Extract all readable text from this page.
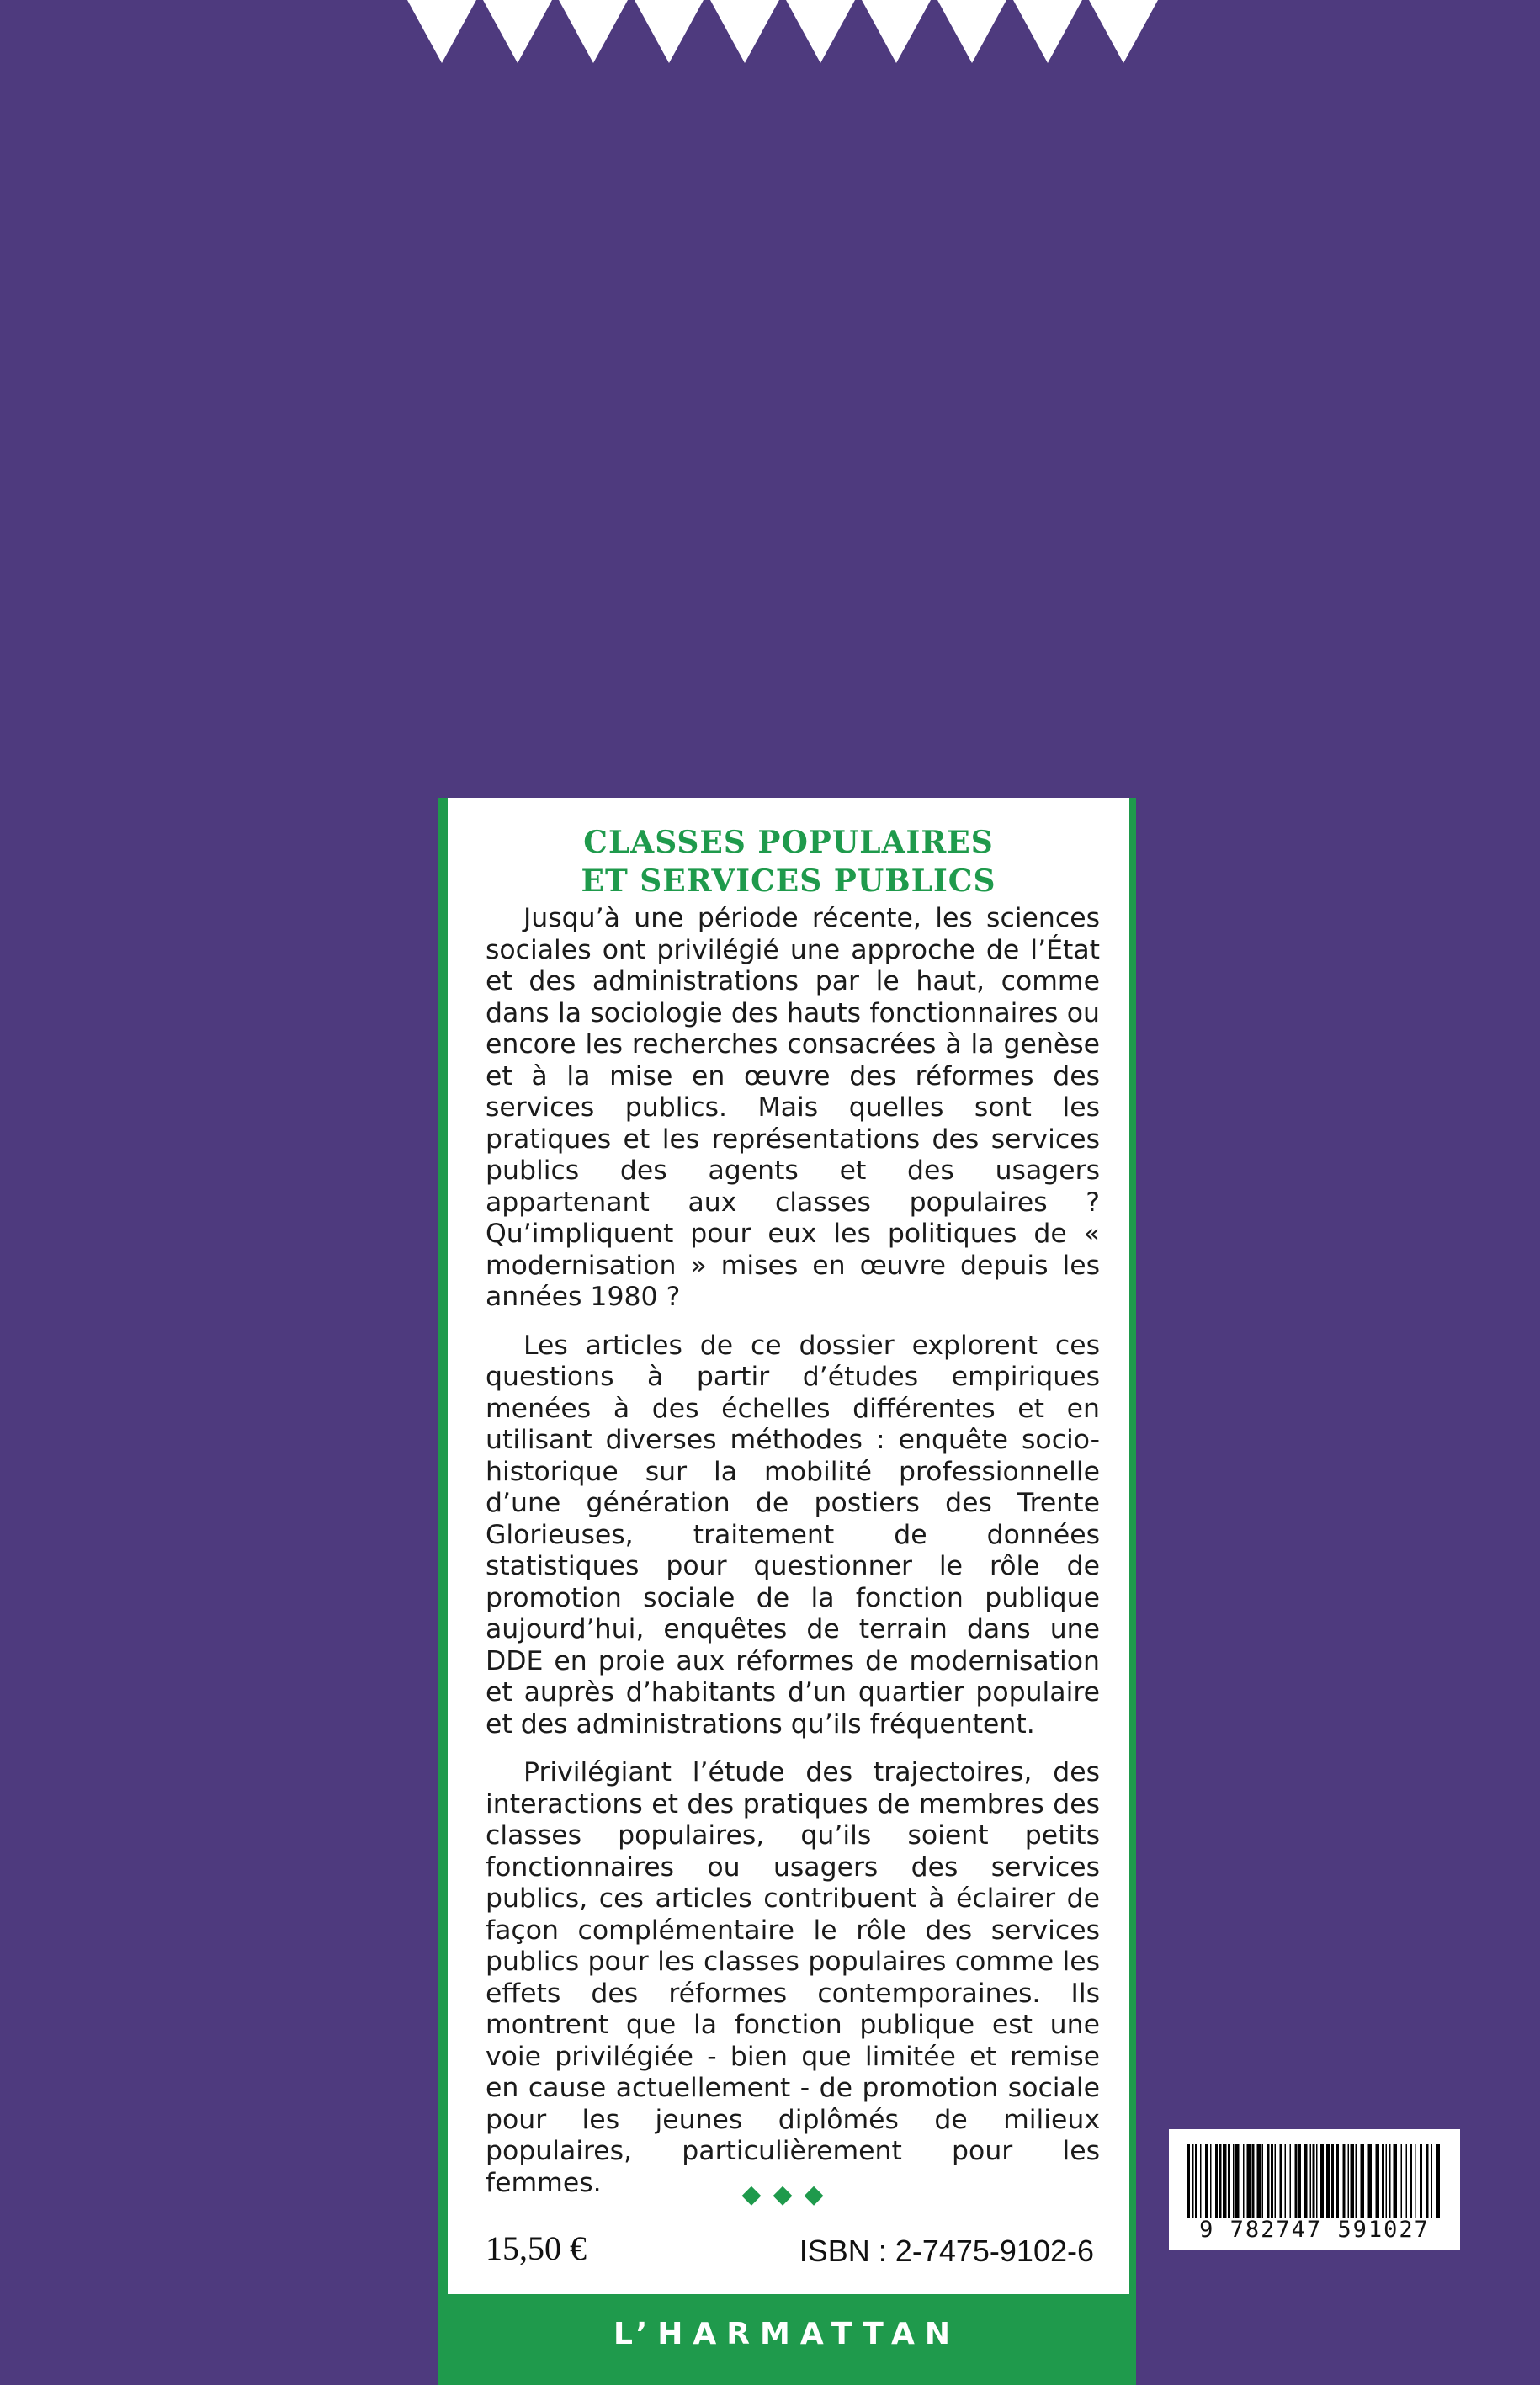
CLASSES POPULAIRES
ET SERVICES PUBLICS

Jusqu’à une période récente, les sciences sociales ont privilégié une approche de l’État et des administrations par le haut, comme dans la sociologie des hauts fonctionnaires ou encore les recherches consacrées à la genèse et à la mise en œuvre des réformes des services publics. Mais quelles sont les pratiques et les représentations des services publics des agents et des usagers appartenant aux classes populaires ? Qu’impliquent pour eux les politiques de « modernisation » mises en œuvre depuis les années 1980 ?

Les articles de ce dossier explorent ces questions à partir d’études empiriques menées à des échelles différentes et en utilisant diverses méthodes : enquête socio-historique sur la mobilité professionnelle d’une génération de postiers des Trente Glorieuses, traitement de données statistiques pour questionner le rôle de promotion sociale de la fonction publique aujourd’hui, enquêtes de terrain dans une DDE en proie aux réformes de modernisation et auprès d’habitants d’un quartier populaire et des administrations qu’ils fréquentent.

Privilégiant l’étude des trajectoires, des interactions et des pratiques de membres des classes populaires, qu’ils soient petits fonctionnaires ou usagers des services publics, ces articles contribuent à éclairer de façon complémentaire le rôle des services publics pour les classes populaires comme les effets des réformes contemporaines. Ils montrent que la fonction publique est une voie privilégiée - bien que limitée et remise en cause actuellement - de promotion sociale pour les jeunes diplômés de milieux populaires, particulièrement pour les femmes.	◆◆◆
15,50 €	ISBN : 2-7475-9102-6
L’HARMATTAN
9 782747 591027
